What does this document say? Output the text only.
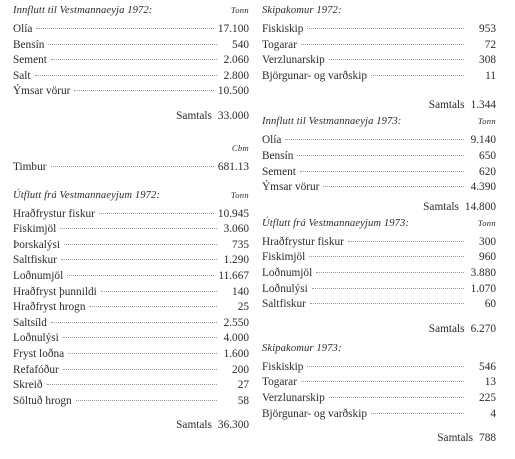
Innflutt til Vestmannaeyja 1972:	Tonn
Olía	17.100
Bensín	540
Sement	2.060
Salt	2.800
Ýmsar vörur	10.500
Samtals 33.000
Cbm
Timbur	681.13
Útflutt frá Vestmannaeyjum 1972:	Tonn
Hraðfrystur fiskur	10.945
Fiskimjöl	3.060
Þorskalýsi	735
Saltfiskur	1.290
Loðnumjöl	11.667
Hraðfryst þunnildi	140
Hraðfryst hrogn	25
Saltsíld	2.550
Loðnulýsi	4.000
Fryst loðna	1.600
Refafóður	200
Skreið	27
Söltuð hrogn	58
Samtals 36.300
Skipakomur 1972:
Fiskiskip	953
Togarar	72
Verzlunarskip	308
Björgunar- og varðskip	11
Samtals 1.344
Innflutt til Vestmannaeyja 1973:	Tonn
Olía	9.140
Bensín	650
Sement	620
Ýmsar vörur	4.390
Samtals 14.800
Útflutt frá Vestmannaeyjum 1973:	Tonn
Hraðfrystur fiskur	300
Fiskimjöl	960
Loðnumjöl	3.880
Loðnulýsi	1.070
Saltfiskur	60
Samtals 6.270
Skipakomur 1973:
Fiskiskip	546
Togarar	13
Verzlunarskip	225
Björgunar- og varðskip	4
Samtals 788
